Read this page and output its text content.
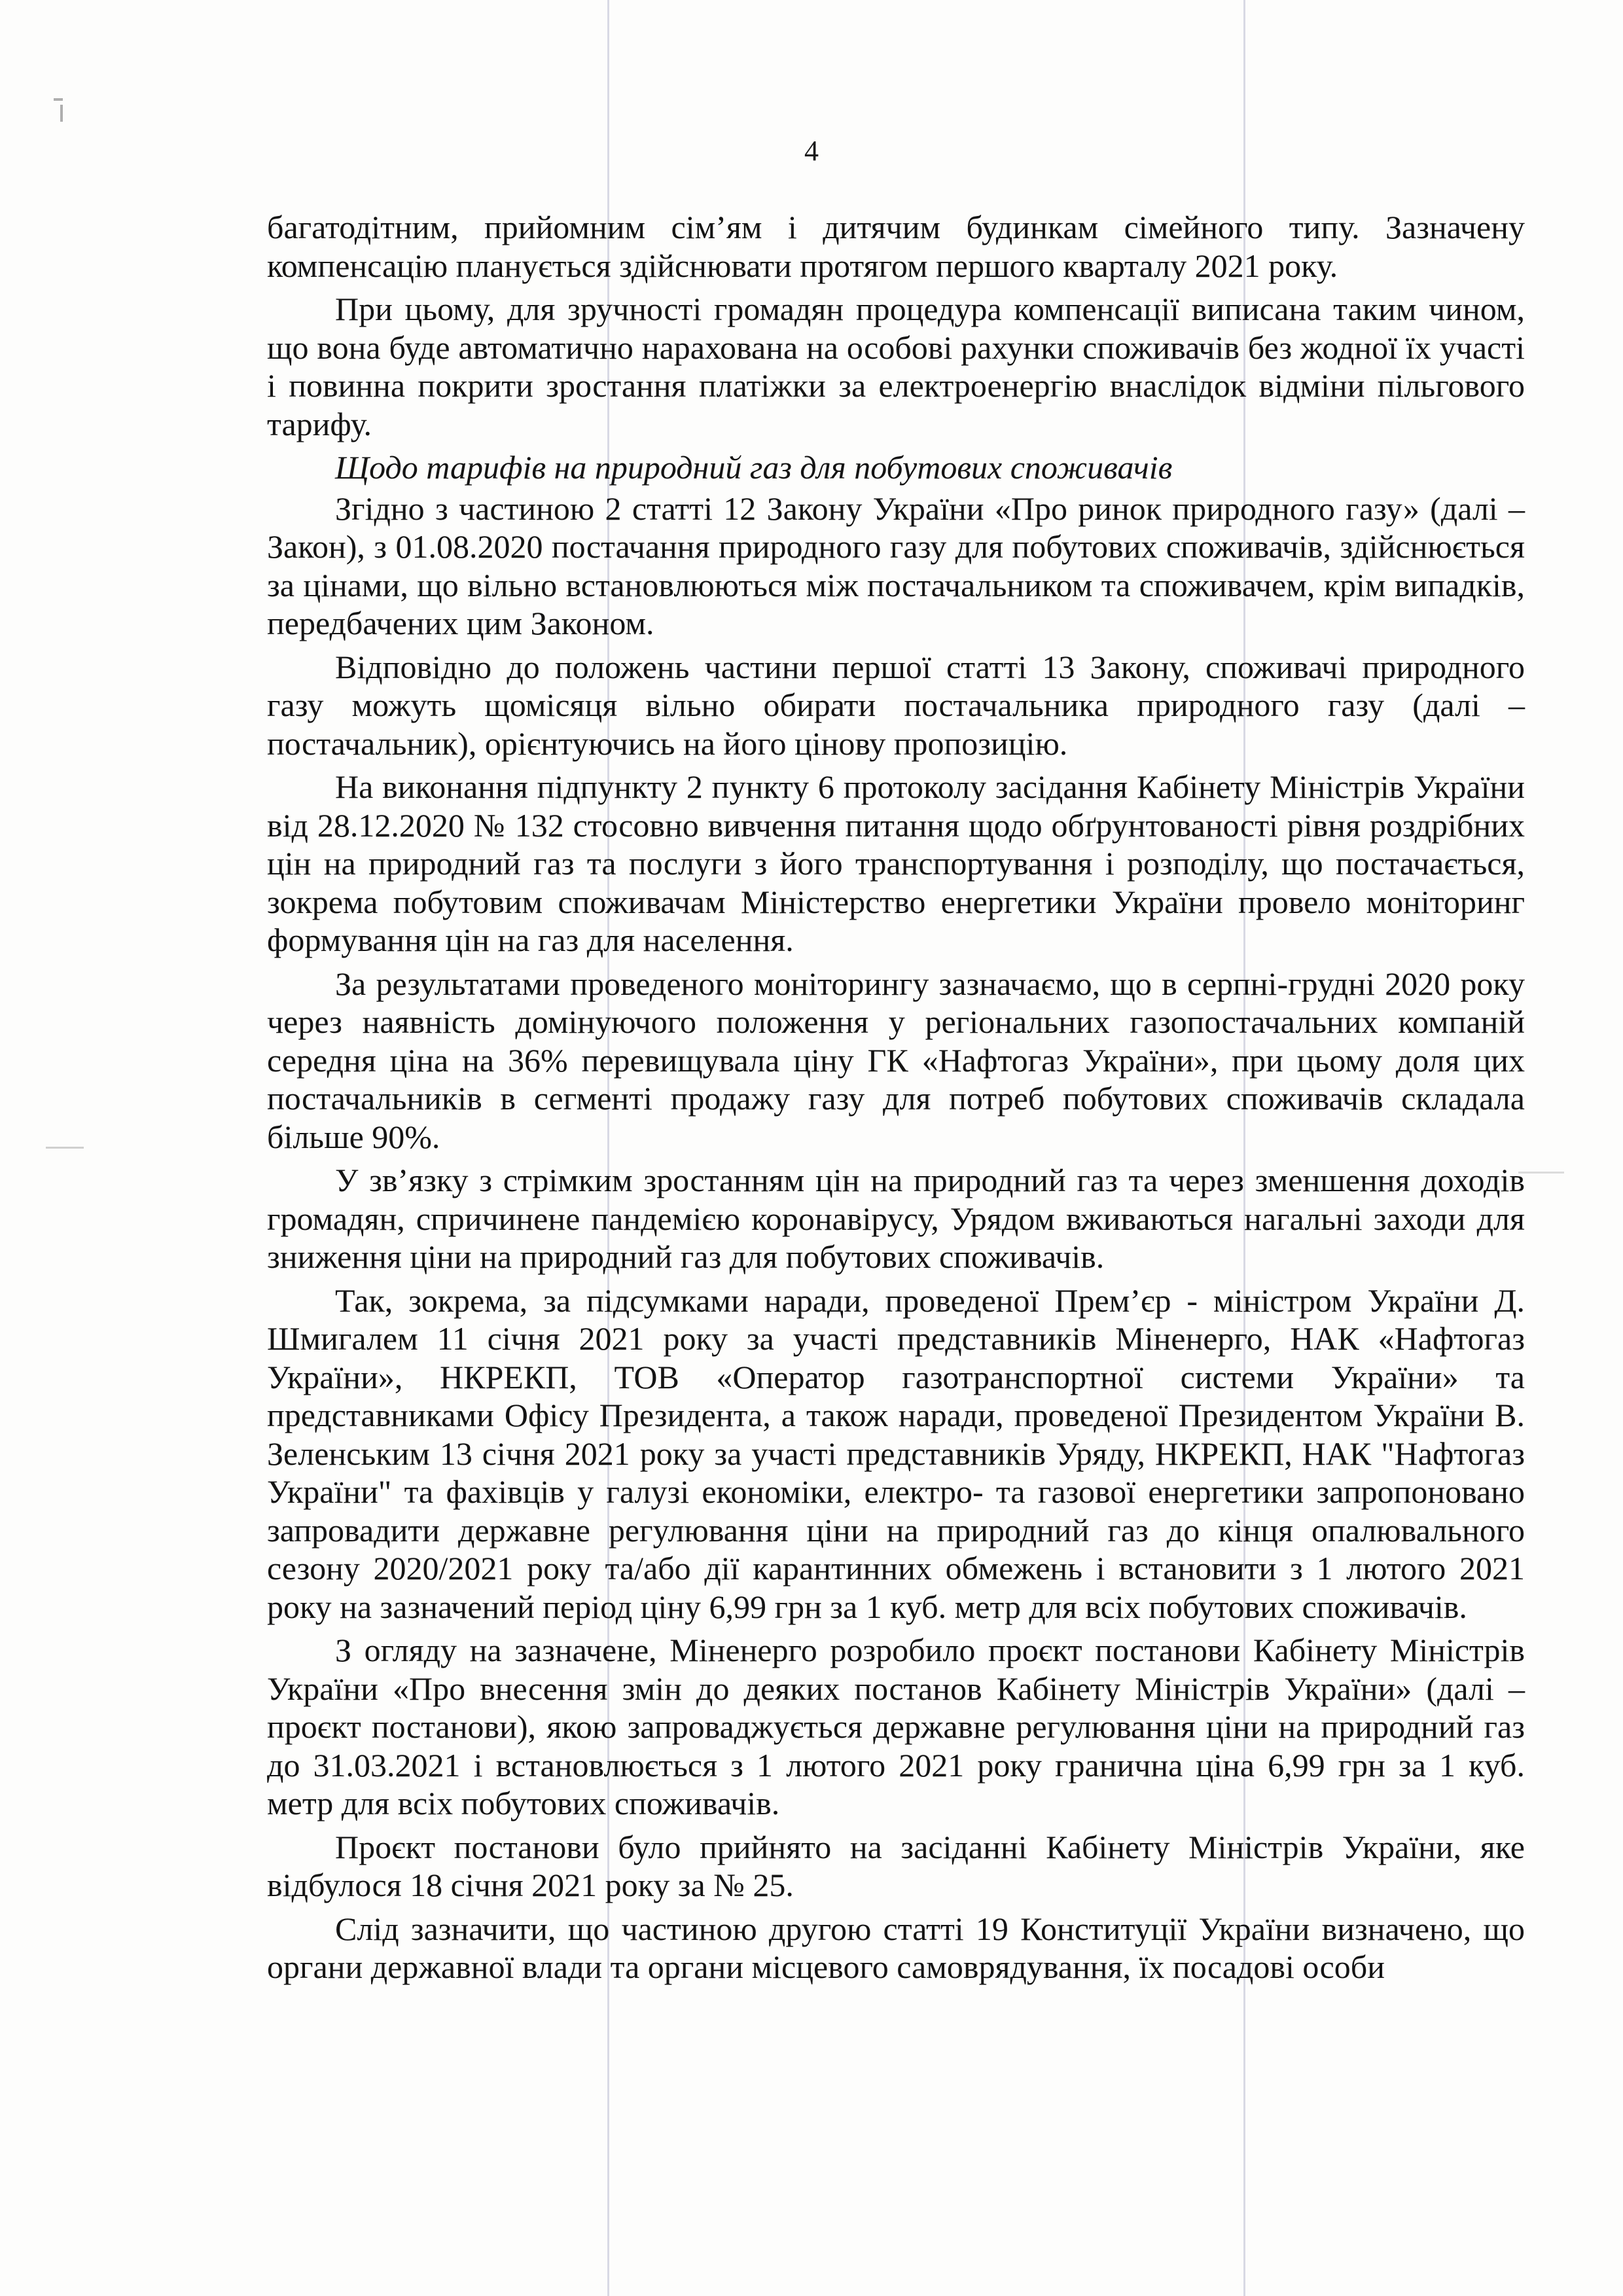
4

багатодітним, прийомним сім’ям і дитячим будинкам сімейного типу. Зазначену компенсацію планується здійснювати протягом першого кварталу 2021 року.

При цьому, для зручності громадян процедура компенсації виписана таким чином, що вона буде автоматично нарахована на особові рахунки споживачів без жодної їх участі і повинна покрити зростання платіжки за електроенергію внаслідок відміни пільгового тарифу.

Щодо тарифів на природний газ для побутових споживачів

Згідно з частиною 2 статті 12 Закону України «Про ринок природного газу» (далі – Закон), з 01.08.2020 постачання природного газу для побутових споживачів, здійснюється за цінами, що вільно встановлюються між постачальником та споживачем, крім випадків, передбачених цим Законом.

Відповідно до положень частини першої статті 13 Закону, споживачі природного газу можуть щомісяця вільно обирати постачальника природного газу (далі – постачальник), орієнтуючись на його цінову пропозицію.

На виконання підпункту 2 пункту 6 протоколу засідання Кабінету Міністрів України від 28.12.2020 № 132 стосовно вивчення питання щодо обґрунтованості рівня роздрібних цін на природний газ та послуги з його транспортування і розподілу, що постачається, зокрема побутовим споживачам Міністерство енергетики України провело моніторинг формування цін на газ для населення.

За результатами проведеного моніторингу зазначаємо, що в серпні-грудні 2020 року через наявність домінуючого положення у регіональних газопостачальних компаній середня ціна на 36% перевищувала ціну ГК «Нафтогаз України», при цьому доля цих постачальників в сегменті продажу газу для потреб побутових споживачів складала більше 90%.

У зв’язку з стрімким зростанням цін на природний газ та через зменшення доходів громадян, спричинене пандемією коронавірусу, Урядом вживаються нагальні заходи для зниження ціни на природний газ для побутових споживачів.

Так, зокрема, за підсумками наради, проведеної Прем’єр - міністром України Д. Шмигалем 11 січня 2021 року за участі представників Міненерго, НАК «Нафтогаз України», НКРЕКП, ТОВ «Оператор газотранспортної системи України» та представниками Офісу Президента, а також наради, проведеної Президентом України В. Зеленським 13 січня 2021 року за участі представників Уряду, НКРЕКП, НАК "Нафтогаз України" та фахівців у галузі економіки, електро- та газової енергетики запропоновано запровадити державне регулювання ціни на природний газ до кінця опалювального сезону 2020/2021 року та/або дії карантинних обмежень і встановити з 1 лютого 2021 року на зазначений період ціну 6,99 грн за 1 куб. метр для всіх побутових споживачів.

З огляду на зазначене, Міненерго розробило проєкт постанови Кабінету Міністрів України «Про внесення змін до деяких постанов Кабінету Міністрів України» (далі – проєкт постанови), якою запроваджується державне регулювання ціни на природний газ до 31.03.2021 і встановлюється з 1 лютого 2021 року гранична ціна 6,99 грн за 1 куб. метр для всіх побутових споживачів.

Проєкт постанови було прийнято на засіданні Кабінету Міністрів України, яке відбулося 18 січня 2021 року за № 25.

Слід зазначити, що частиною другою статті 19 Конституції України визначено, що органи державної влади та органи місцевого самоврядування, їх посадові особи
